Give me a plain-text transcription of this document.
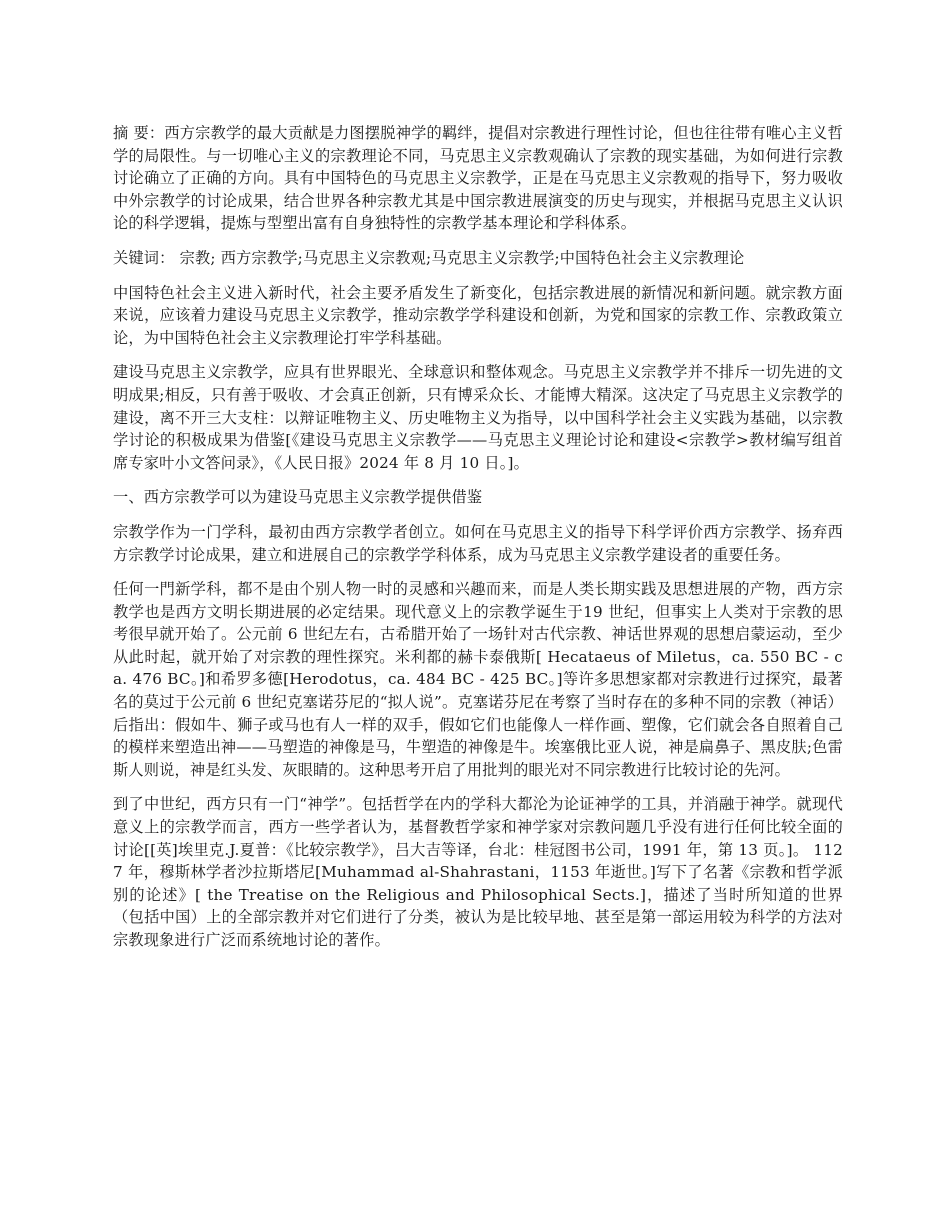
摘 要：西方宗教学的最大贡献是力图摆脱神学的羁绊，提倡对宗教进行理性讨论，但也往往带有唯心主义哲学的局限性。与一切唯心主义的宗教理论不同，马克思主义宗教观确认了宗教的现实基础，为如何进行宗教讨论确立了正确的方向。具有中国特色的马克思主义宗教学，正是在马克思主义宗教观的指导下，努力吸收中外宗教学的讨论成果，结合世界各种宗教尤其是中国宗教进展演变的历史与现实，并根据马克思主义认识论的科学逻辑，提炼与型塑出富有自身独特性的宗教学基本理论和学科体系。

关键词： 宗教; 西方宗教学;马克思主义宗教观;马克思主义宗教学;中国特色社会主义宗教理论

中国特色社会主义进入新时代，社会主要矛盾发生了新变化，包括宗教进展的新情况和新问题。就宗教方面来说，应该着力建设马克思主义宗教学，推动宗教学学科建设和创新，为党和国家的宗教工作、宗教政策立论，为中国特色社会主义宗教理论打牢学科基础。

建设马克思主义宗教学，应具有世界眼光、全球意识和整体观念。马克思主义宗教学并不排斥一切先进的文明成果;相反，只有善于吸收、才会真正创新，只有博采众长、才能博大精深。这决定了马克思主义宗教学的建设，离不开三大支柱：以辩证唯物主义、历史唯物主义为指导，以中国科学社会主义实践为基础，以宗教学讨论的积极成果为借鉴[《建设马克思主义宗教学——马克思主义理论讨论和建设<宗教学>教材编写组首席专家叶小文答问录》，《人民日报》2024 年 8 月 10 日。]。

一、西方宗教学可以为建设马克思主义宗教学提供借鉴

宗教学作为一门学科，最初由西方宗教学者创立。如何在马克思主义的指导下科学评价西方宗教学、扬弃西方宗教学讨论成果，建立和进展自己的宗教学学科体系，成为马克思主义宗教学建设者的重要任务。

任何一門新学科，都不是由个别人物一时的灵感和兴趣而来，而是人类长期实践及思想进展的产物，西方宗教学也是西方文明长期进展的必定结果。现代意义上的宗教学诞生于19 世纪，但事实上人类对于宗教的思考很早就开始了。公元前 6 世纪左右，古希腊开始了一场针对古代宗教、神话世界观的思想启蒙运动，至少从此时起，就开始了对宗教的理性探究。米利都的赫卡泰俄斯[ Hecataeus of Miletus，ca. 550 BC - ca. 476 BC。]和希罗多德[Herodotus，ca. 484 BC - 425 BC。]等许多思想家都对宗教进行过探究，最著名的莫过于公元前 6 世纪克塞诺芬尼的“拟人说”。克塞诺芬尼在考察了当时存在的多种不同的宗教（神话）后指出：假如牛、狮子或马也有人一样的双手，假如它们也能像人一样作画、塑像，它们就会各自照着自己的模样来塑造出神——马塑造的神像是马，牛塑造的神像是牛。埃塞俄比亚人说，神是扁鼻子、黑皮肤;色雷斯人则说，神是红头发、灰眼睛的。这种思考开启了用批判的眼光对不同宗教进行比较讨论的先河。

到了中世纪，西方只有一门“神学”。包括哲学在内的学科大都沦为论证神学的工具，并消融于神学。就现代意义上的宗教学而言，西方一些学者认为，基督教哲学家和神学家对宗教问题几乎没有进行任何比较全面的讨论[[英]埃里克.J.夏普：《比较宗教学》，吕大吉等译，台北：桂冠图书公司，1991 年，第 13 页。]。 1127 年，穆斯林学者沙拉斯塔尼[Muhammad al-Shahrastani，1153 年逝世。]写下了名著《宗教和哲学派别的论述》[ the Treatise on the Religious and Philosophical Sects.]，描述了当时所知道的世界（包括中国）上的全部宗教并对它们进行了分类，被认为是比较早地、甚至是第一部运用较为科学的方法对宗教现象进行广泛而系统地讨论的著作。
